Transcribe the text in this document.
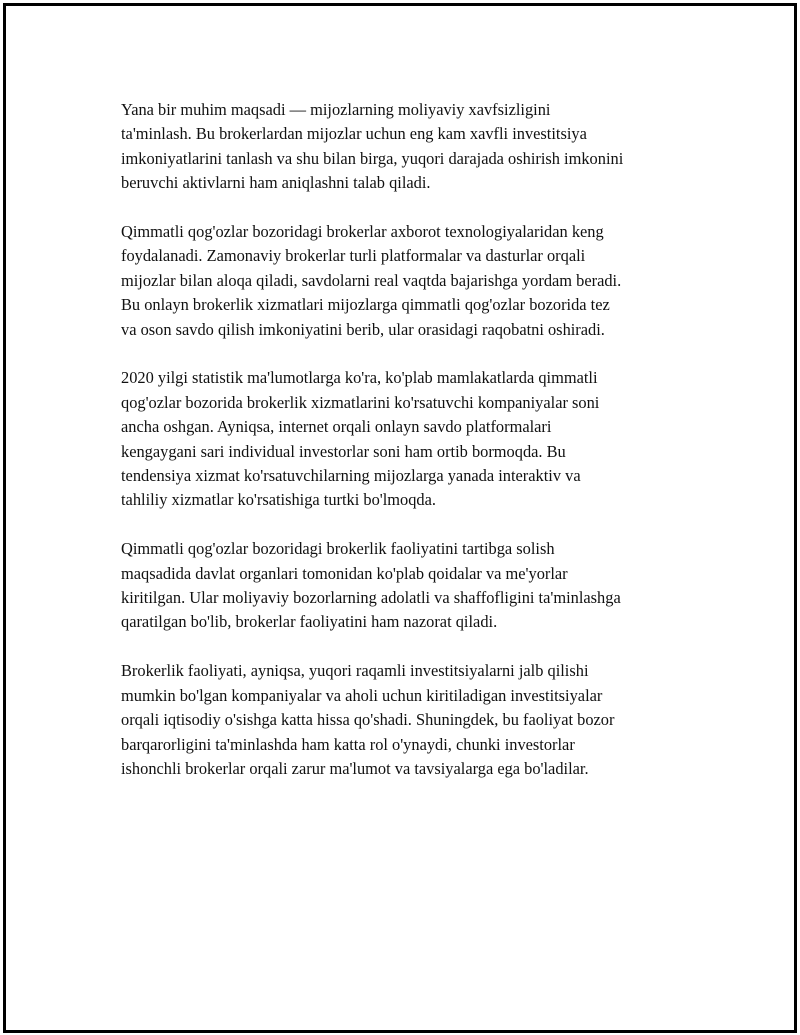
Yana bir muhim maqsadi — mijozlarning moliyaviy xavfsizligini
ta'minlash. Bu brokerlardan mijozlar uchun eng kam xavfli investitsiya
imkoniyatlarini tanlash va shu bilan birga, yuqori darajada oshirish imkonini
beruvchi aktivlarni ham aniqlashni talab qiladi.

Qimmatli qog'ozlar bozoridagi brokerlar axborot texnologiyalaridan keng
foydalanadi. Zamonaviy brokerlar turli platformalar va dasturlar orqali
mijozlar bilan aloqa qiladi, savdolarni real vaqtda bajarishga yordam beradi.
Bu onlayn brokerlik xizmatlari mijozlarga qimmatli qog'ozlar bozorida tez
va oson savdo qilish imkoniyatini berib, ular orasidagi raqobatni oshiradi.

2020 yilgi statistik ma'lumotlarga ko'ra, ko'plab mamlakatlarda qimmatli
qog'ozlar bozorida brokerlik xizmatlarini ko'rsatuvchi kompaniyalar soni
ancha oshgan. Ayniqsa, internet orqali onlayn savdo platformalari
kengaygani sari individual investorlar soni ham ortib bormoqda. Bu
tendensiya xizmat ko'rsatuvchilarning mijozlarga yanada interaktiv va
tahliliy xizmatlar ko'rsatishiga turtki bo'lmoqda.

Qimmatli qog'ozlar bozoridagi brokerlik faoliyatini tartibga solish
maqsadida davlat organlari tomonidan ko'plab qoidalar va me'yorlar
kiritilgan. Ular moliyaviy bozorlarning adolatli va shaffofligini ta'minlashga
qaratilgan bo'lib, brokerlar faoliyatini ham nazorat qiladi.

Brokerlik faoliyati, ayniqsa, yuqori raqamli investitsiyalarni jalb qilishi
mumkin bo'lgan kompaniyalar va aholi uchun kiritiladigan investitsiyalar
orqali iqtisodiy o'sishga katta hissa qo'shadi. Shuningdek, bu faoliyat bozor
barqarorligini ta'minlashda ham katta rol o'ynaydi, chunki investorlar
ishonchli brokerlar orqali zarur ma'lumot va tavsiyalarga ega bo'ladilar.
